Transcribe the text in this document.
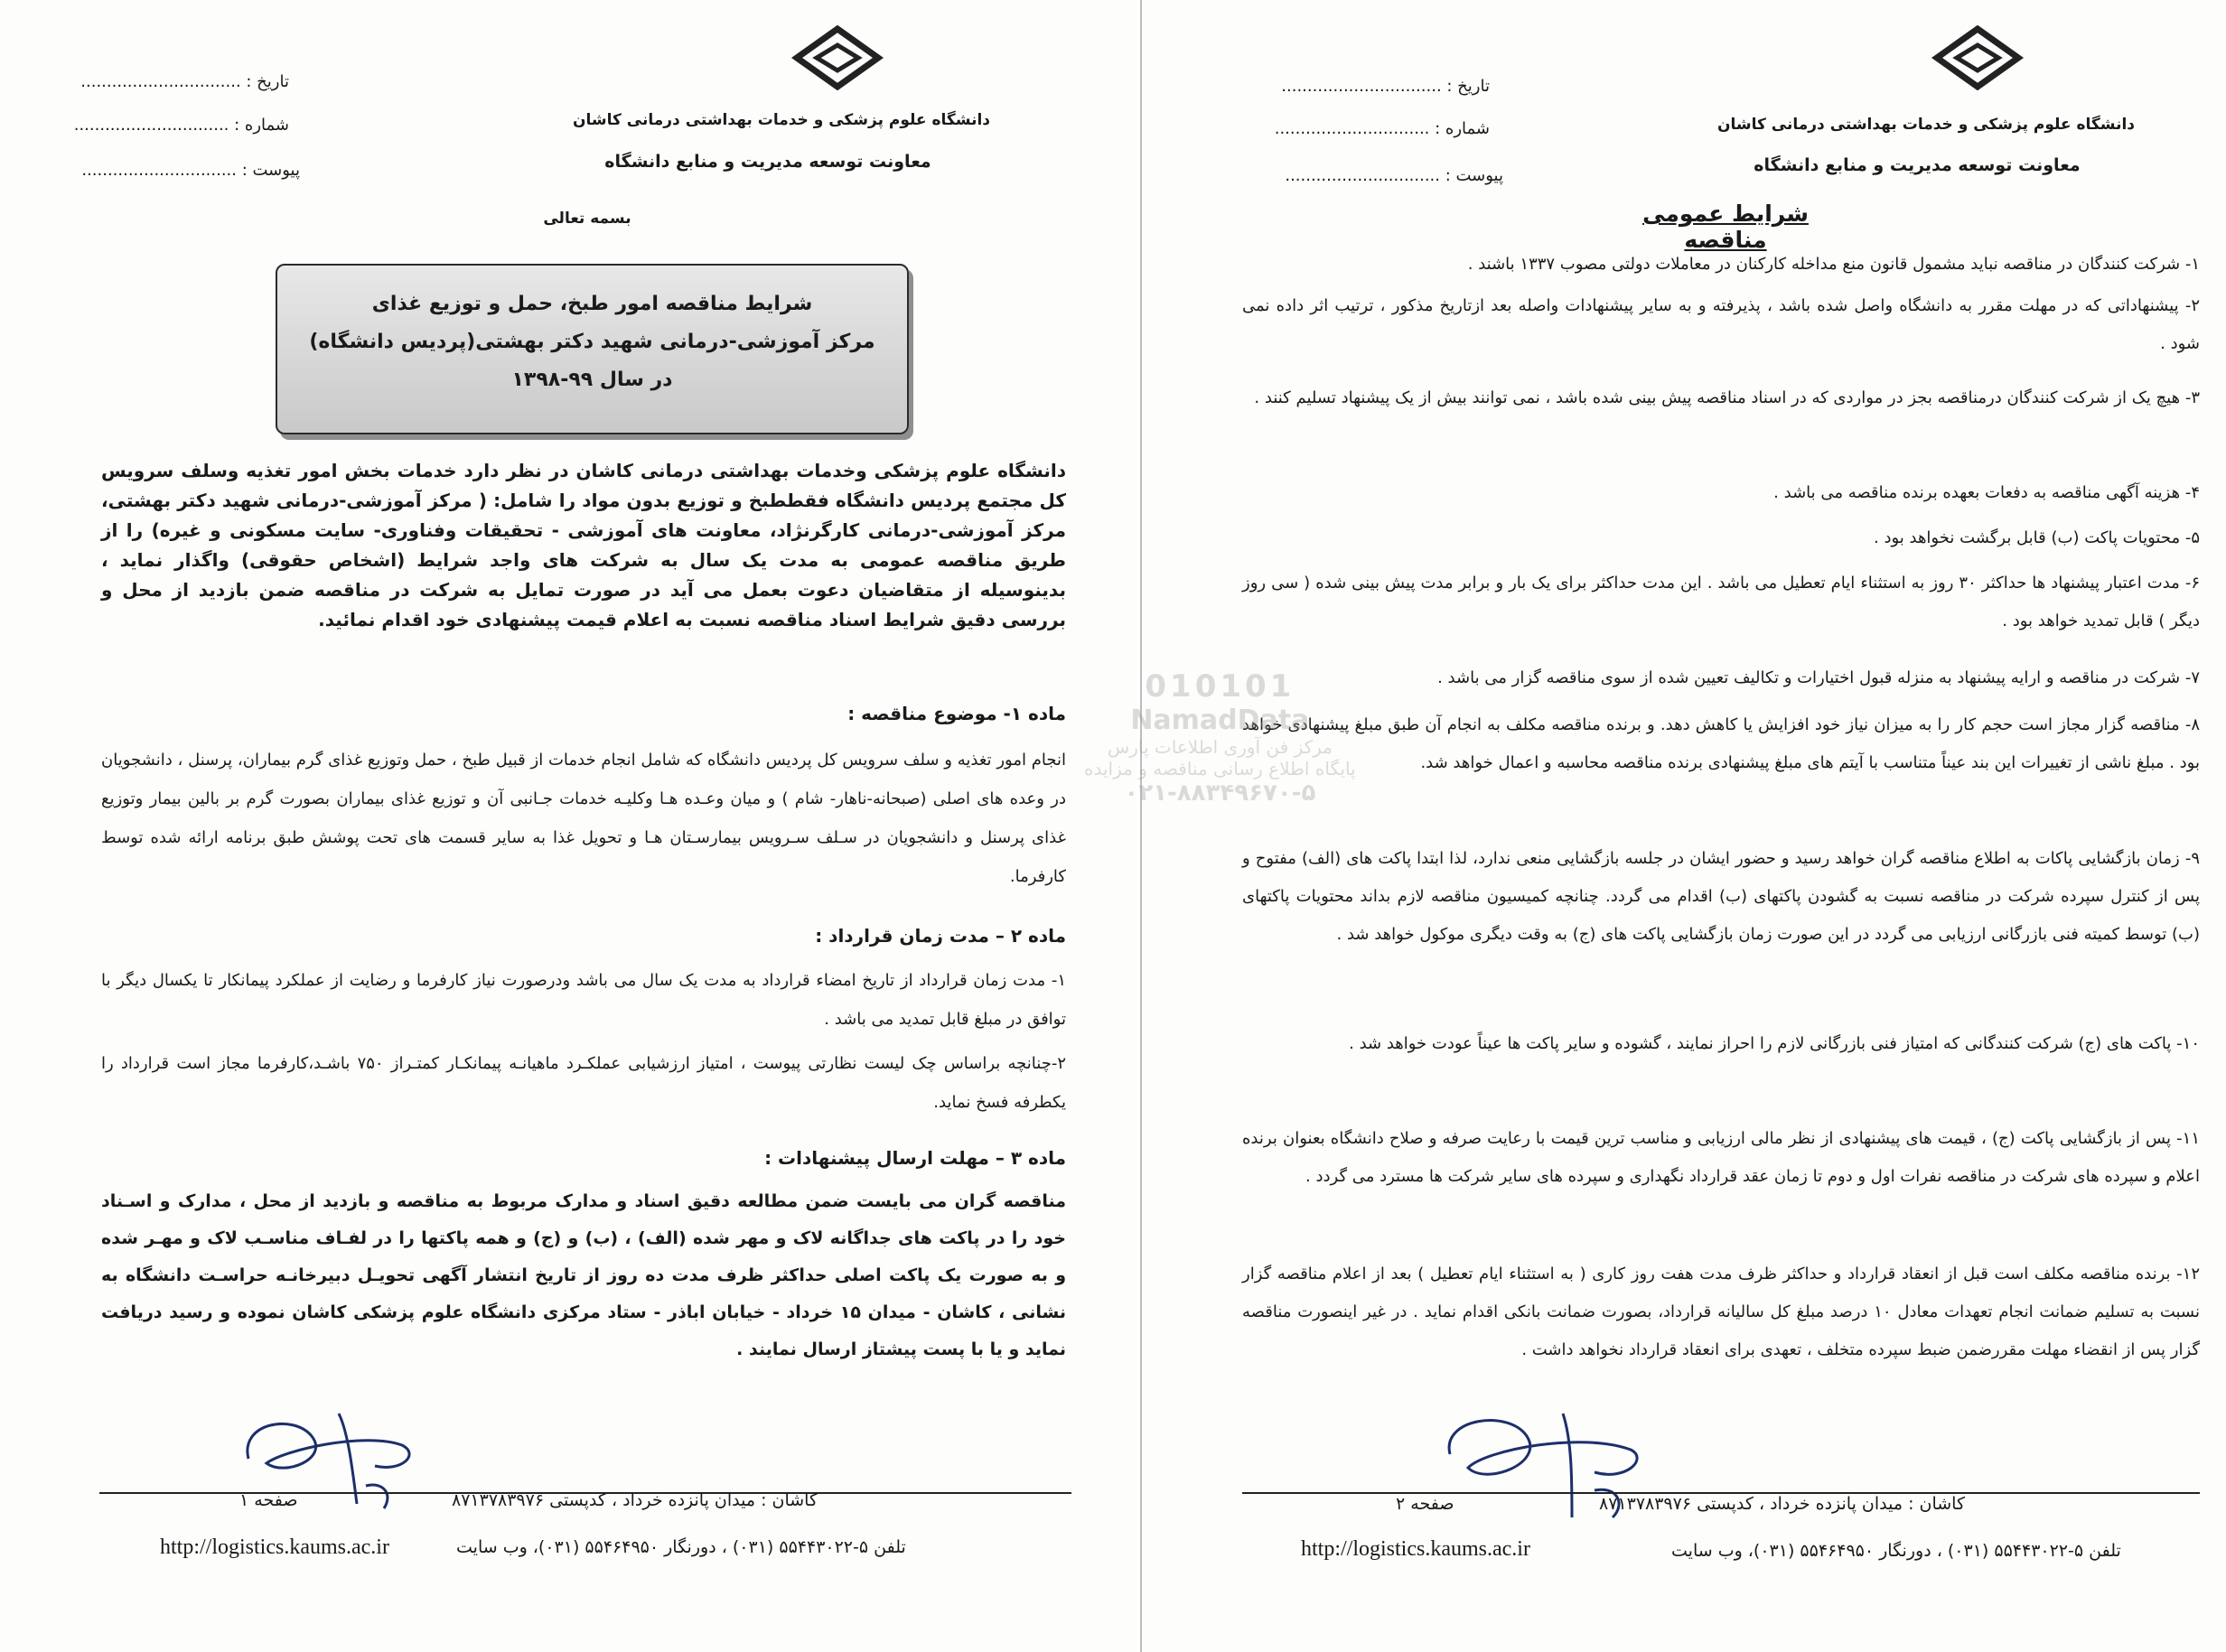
دانشگاه علوم پزشکی و خدمات بهداشتی درمانی کاشان
معاونت توسعه مدیریت و منابع دانشگاه
تاریخ : ...............................
شماره : ..............................
پیوست : ..............................
بسمه تعالی
شرایط مناقصه امور طبخ، حمل و توزیع غذای
مرکز آموزشی-درمانی شهید دکتر بهشتی(پردیس دانشگاه)
در سال ۹۹-۱۳۹۸
دانشگاه علوم پزشکی وخدمات بهداشتی درمانی کاشان در نظر دارد خدمات بخش امور تغذیه وسلف سرویس کل مجتمع پردیس دانشگاه فقططبخ و توزیع بدون مواد را شامل: ( مرکز آموزشی-درمانی شهید دکتر بهشتی، مرکز آموزشی-درمانی کارگرنژاد، معاونت های آموزشی - تحقیقات وفناوری- سایت مسکونی و غیره) را از طریق مناقصه عمومی به مدت یک سال به شرکت های واجد شرایط (اشخاص حقوقی) واگذار نماید ، بدینوسیله از متقاضیان دعوت بعمل می آید در صورت تمایل به شرکت در مناقصه ضمن بازدید از محل و بررسی دقیق شرایط اسناد مناقصه نسبت به اعلام قیمت پیشنهادی خود اقدام نمائید.
ماده ۱- موضوع مناقصه :
انجام امور تغذیه و سلف سرویس کل پردیس دانشگاه که شامل انجام خدمات از قبیل طبخ ، حمل وتوزیع غذای گرم بیماران، پرسنل ، دانشجویان در وعده های اصلی (صبحانه-ناهار- شام ) و میان وعـده هـا وکلیـه خدمات جـانبی آن و توزیع غذای بیماران بصورت گرم بر بالین بیمار وتوزیع غذای پرسنل و دانشجویان در سـلف سـرویس بیمارسـتان هـا و تحویل غذا به سایر قسمت های تحت پوشش طبق برنامه ارائه شده توسط کارفرما.
ماده ۲ – مدت زمان قرارداد :
۱- مدت زمان قرارداد از تاریخ امضاء قرارداد به مدت یک سال می باشد ودرصورت نیاز کارفرما و رضایت از عملکرد پیمانکار تا یکسال دیگر با توافق در مبلغ قابل تمدید می باشد .
۲-چنانچه براساس چک لیست نظارتی پیوست ، امتیاز ارزشیابی عملکـرد ماهیانـه پیمانکـار کمتـراز ۷۵۰ باشـد،کارفرما مجاز است قرارداد را یکطرفه فسخ نماید.
ماده ۳ – مهلت ارسال پیشنهادات :
مناقصه گران می بایست ضمن مطالعه دقیق اسناد و مدارک مربوط به مناقصه و بازدید از محل ، مدارک و اسـناد خود را در پاکت های جداگانه لاک و مهر شده (الف) ، (ب) و (ج) و همه پاکتها را در لفـاف مناسـب لاک و مهـر شده و به صورت یک پاکت اصلی حداکثر ظرف مدت ده روز از تاریخ انتشار آگهی تحویـل دبیرخانـه حراسـت دانشگاه به نشانی ، کاشان - میدان ۱۵ خرداد - خیابان اباذر - ستاد مرکزی دانشگاه علوم پزشکی کاشان نموده و رسید دریافت نماید و یا با پست پیشتاز ارسال نمایند .
کاشان : میدان پانزده خرداد ، کدپستی ۸۷۱۳۷۸۳۹۷۶
صفحه ۱
تلفن ۵-۵۵۴۴۳۰۲۲ (۰۳۱) ، دورنگار ۵۵۴۶۴۹۵۰ (۰۳۱)، وب سایت
http://logistics.kaums.ac.ir
دانشگاه علوم پزشکی و خدمات بهداشتی درمانی کاشان
معاونت توسعه مدیریت و منابع دانشگاه
تاریخ : ...............................
شماره : ..............................
پیوست : ..............................
شرایط عمومی مناقصه
۱- شرکت کنندگان در مناقصه نباید مشمول قانون منع مداخله کارکنان در معاملات دولتی مصوب ۱۳۳۷ باشند .
۲- پیشنهاداتی که در مهلت مقرر به دانشگاه واصل شده باشد ، پذیرفته و به سایر پیشنهادات واصله بعد ازتاریخ مذکور ، ترتیب اثر داده نمی شود .
۳- هیچ یک از شرکت کنندگان درمناقصه بجز در مواردی که در اسناد مناقصه پیش بینی شده باشد ، نمی توانند بیش از یک پیشنهاد تسلیم کنند .
۴- هزینه آگهی مناقصه به دفعات بعهده برنده مناقصه می باشد .
۵- محتویات پاکت (ب) قابل برگشت نخواهد بود .
۶- مدت اعتبار پیشنهاد ها حداکثر ۳۰ روز به استثناء ایام تعطیل می باشد . این مدت حداکثر برای یک بار و برابر مدت پیش بینی شده ( سی روز دیگر ) قابل تمدید خواهد بود .
۷- شرکت در مناقصه و ارایه پیشنهاد به منزله قبول اختیارات و تکالیف تعیین شده از سوی مناقصه گزار می باشد .
۸- مناقصه گزار مجاز است حجم کار را به میزان نیاز خود افزایش یا کاهش دهد. و برنده مناقصه مکلف به انجام آن طبق مبلغ پیشنهادی خواهد بود . مبلغ ناشی از تغییرات این بند عیناً متناسب با آیتم های مبلغ پیشنهادی برنده مناقصه محاسبه و اعمال خواهد شد.
۹- زمان بازگشایی پاکات به اطلاع مناقصه گران خواهد رسید و حضور ایشان در جلسه بازگشایی منعی ندارد، لذا ابتدا پاکت های (الف) مفتوح و پس از کنترل سپرده شرکت در مناقصه نسبت به گشودن پاکتهای (ب) اقدام می گردد. چنانچه کمیسیون مناقصه لازم بداند محتویات پاکتهای (ب) توسط کمیته فنی بازرگانی ارزیابی می گردد در این صورت زمان بازگشایی پاکت های (ج) به وقت دیگری موکول خواهد شد .
۱۰- پاکت های (ج) شرکت کنندگانی که امتیاز فنی بازرگانی لازم را احراز نمایند ، گشوده و سایر پاکت ها عیناً عودت خواهد شد .
۱۱- پس از بازگشایی پاکت (ج) ، قیمت های پیشنهادی از نظر مالی ارزیابی و مناسب ترین قیمت با رعایت صرفه و صلاح دانشگاه بعنوان برنده اعلام و سپرده های شرکت در مناقصه نفرات اول و دوم تا زمان عقد قرارداد نگهداری و سپرده های سایر شرکت ها مسترد می گردد .
۱۲- برنده مناقصه مکلف است قبل از انعقاد قرارداد و حداکثر ظرف مدت هفت روز کاری ( به استثناء ایام تعطیل ) بعد از اعلام مناقصه گزار نسبت به تسلیم ضمانت انجام تعهدات معادل ۱۰ درصد مبلغ کل سالیانه قرارداد، بصورت ضمانت بانکی اقدام نماید . در غیر اینصورت مناقصه گزار پس از انقضاء مهلت مقررضمن ضبط سپرده متخلف ، تعهدی برای انعقاد قرارداد نخواهد داشت .
کاشان : میدان پانزده خرداد ، کدپستی ۸۷۱۳۷۸۳۹۷۶
صفحه ۲
تلفن ۵-۵۵۴۴۳۰۲۲ (۰۳۱) ، دورنگار ۵۵۴۶۴۹۵۰ (۰۳۱)، وب سایت
http://logistics.kaums.ac.ir
010101
NamadData
مرکز فن آوری اطلاعات پارس
پایگاه اطلاع رسانی مناقصه و مزایده
۰۲۱-۸۸۳۴۹۶۷۰-۵
